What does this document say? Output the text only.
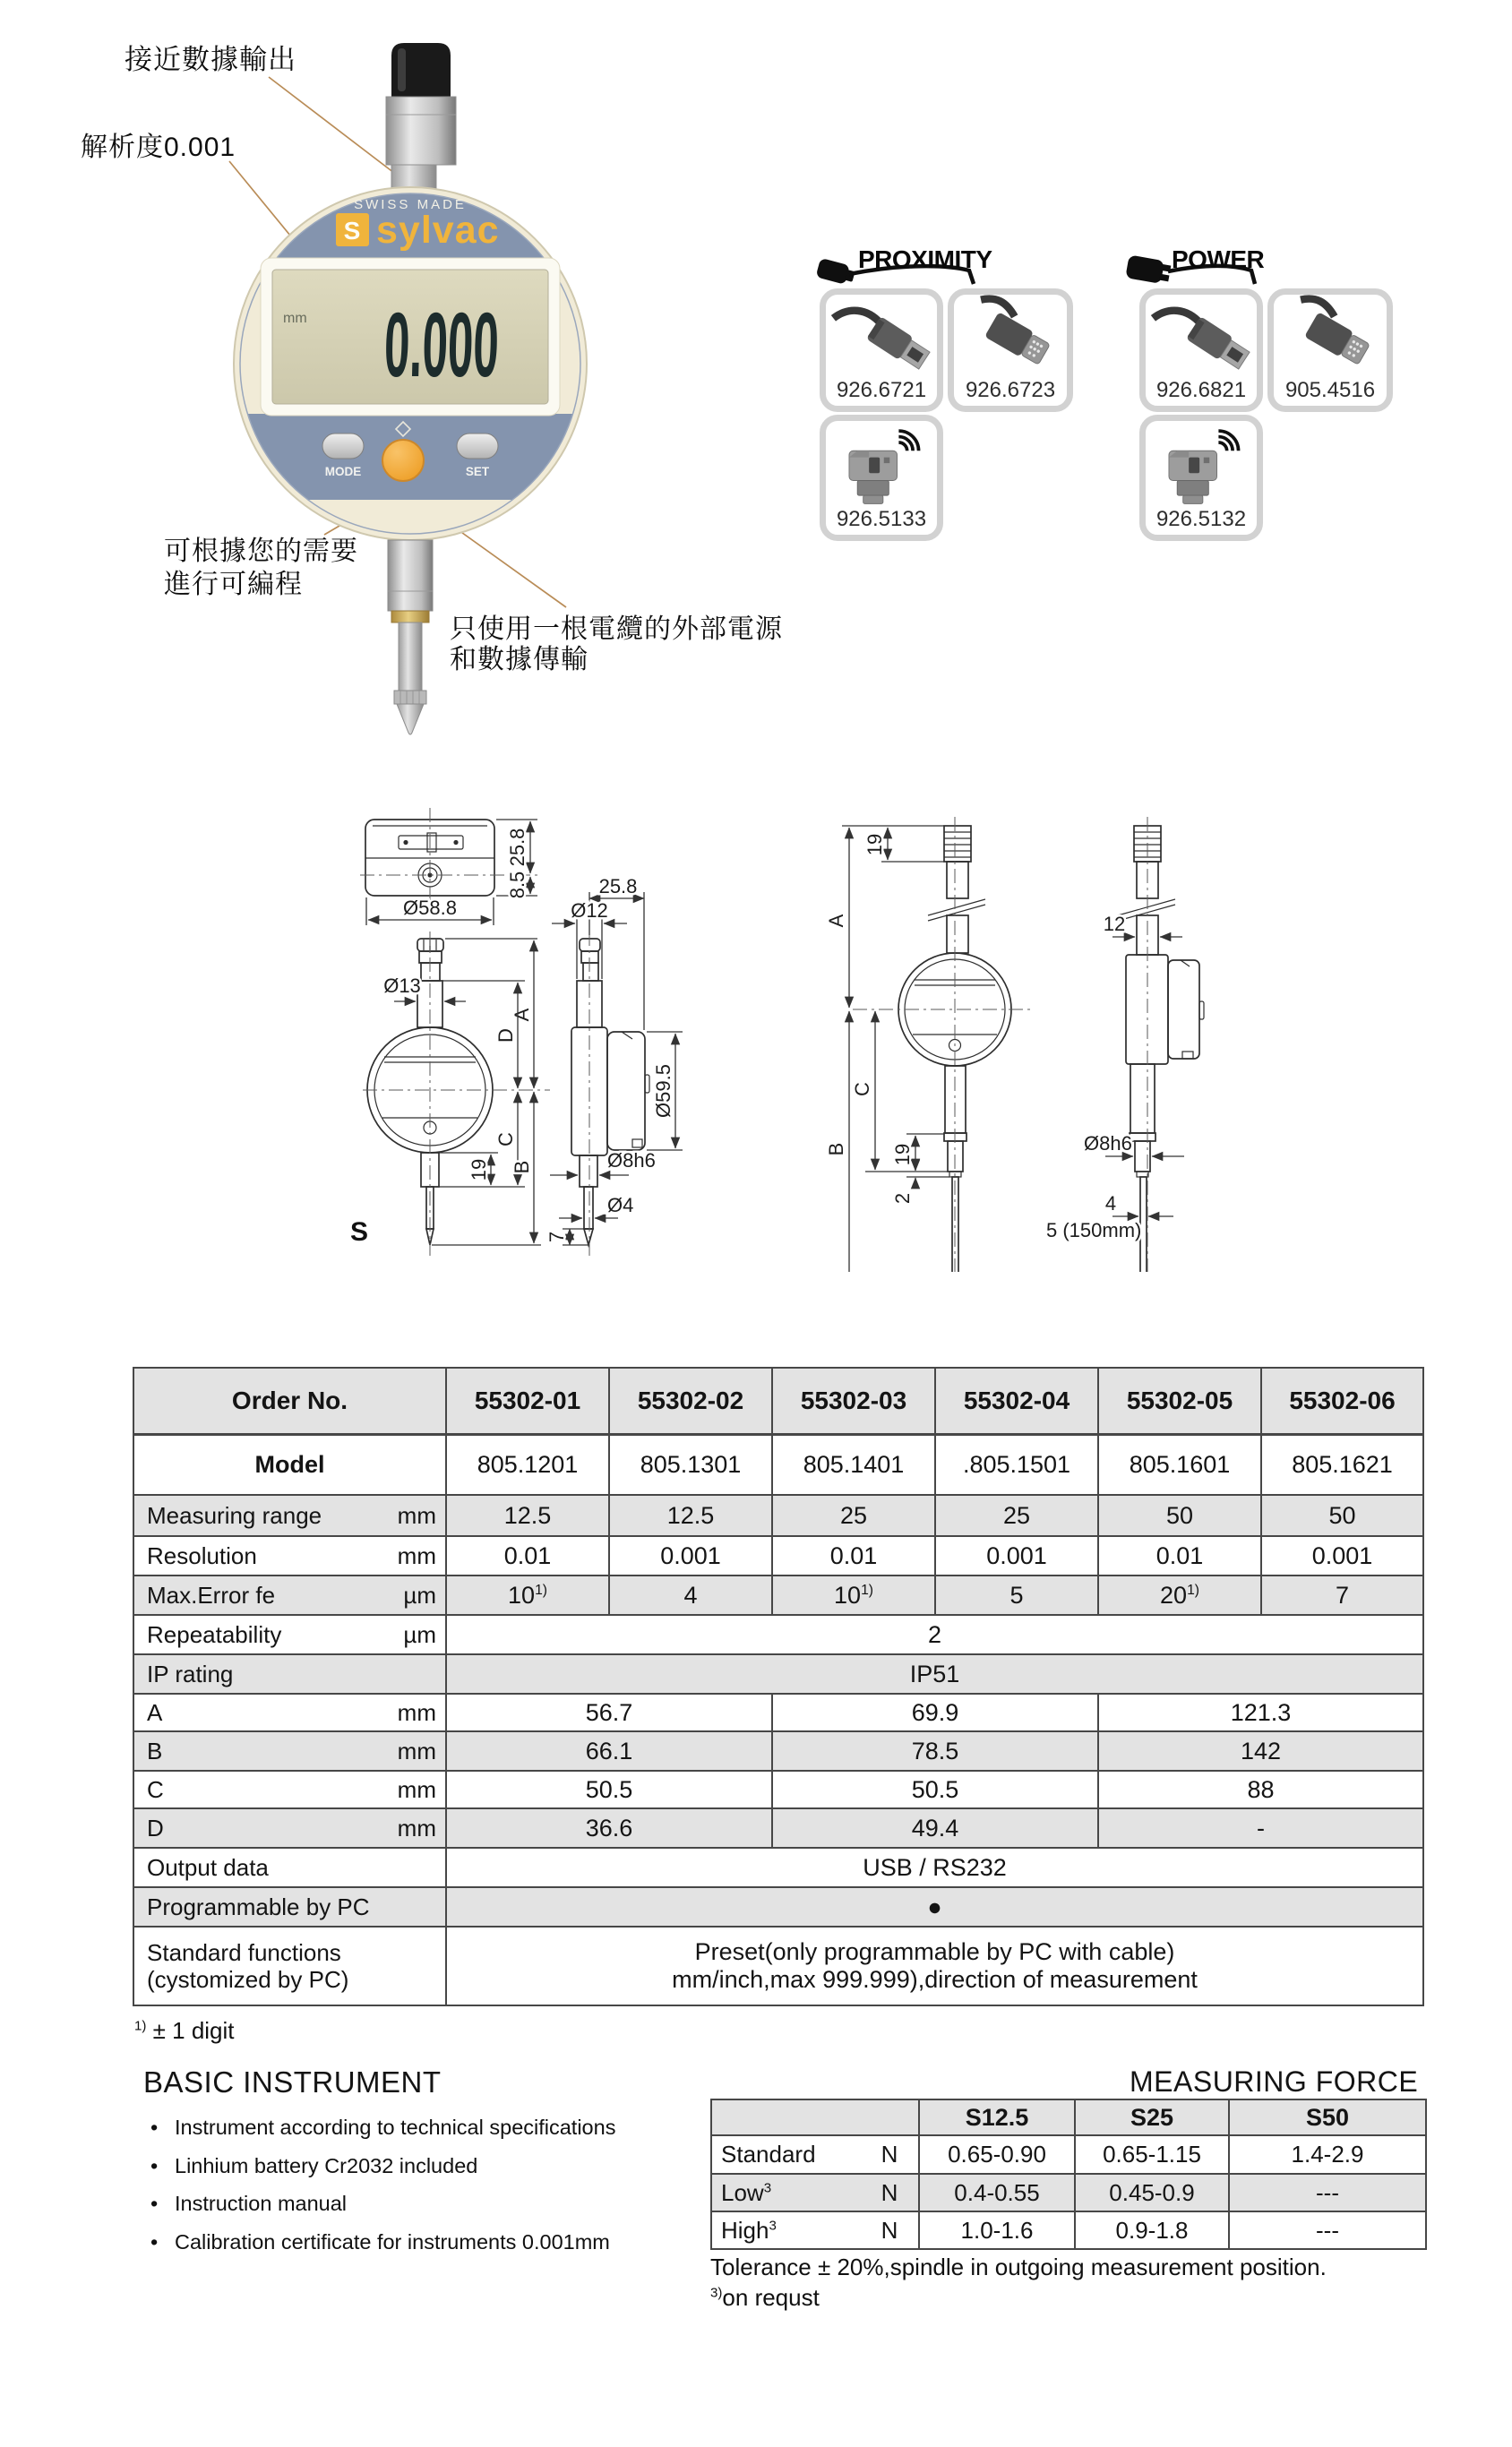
SWISS MADE
S sylvac
mm 0.000
MODE	SET
接近數據輸出
解析度0.001
可根據您的需要
進行可編程
只使用一根電纜的外部電源
和數據傳輸
PROXIMITY	POWER
926.6721 926.6723
926.5133
926.6821 905.4516
926.5132
25.8
8.5
Ø58.8
Ø13
A
D
C
B
19
S
25.8
Ø12
Ø59.5
Ø8h6
Ø4
7
19
A
C
B 19
2
12
Ø8h6
4
5 (150mm)
Order No.	55302-01	55302-02	55302-03	55302-04	55302-05	55302-06
Model	805.1201	805.1301	805.1401	.805.1501	805.1601	805.1621

Measuring range mm	12.5	12.5	25	25	50	50

Resolution mm	0.01	0.001	0.01	0.001	0.01	0.001

Max.Error fe µm	10$^{1)}$	4	10$^{1)}$	5	20$^{1)}$	7

Repeatability µm	2					

IP rating	IP51					

A mm	56.7		69.9		121.3	

B mm	66.1		78.5		142	

C mm	50.5		50.5		88	

D mm	36.6		49.4		-	

Output data	USB / RS232					

Programmable by PC	●					

Standard functions
(cystomized by PC)	Preset(only programmable by PC with cable)
mm/inch,max 999.999),direction of measurement					
$^{1)}$ ± 1 digit
BASIC INSTRUMENT
• Instrument according to technical specifications
• Linhium battery Cr2032 included
• Instruction manual
• Calibration certificate for instruments 0.001mm
MEASURING FORCE
		S12.5	S25	S50
Standard	N	0.65-0.90	0.65-1.15	1.4-2.9
Low$^3$	N	0.4-0.55	0.45-0.9	---
High$^3$	N	1.0-1.6	0.9-1.8	---
Tolerance ± 20%,spindle in outgoing measurement position.
$^{3)}$on requst
